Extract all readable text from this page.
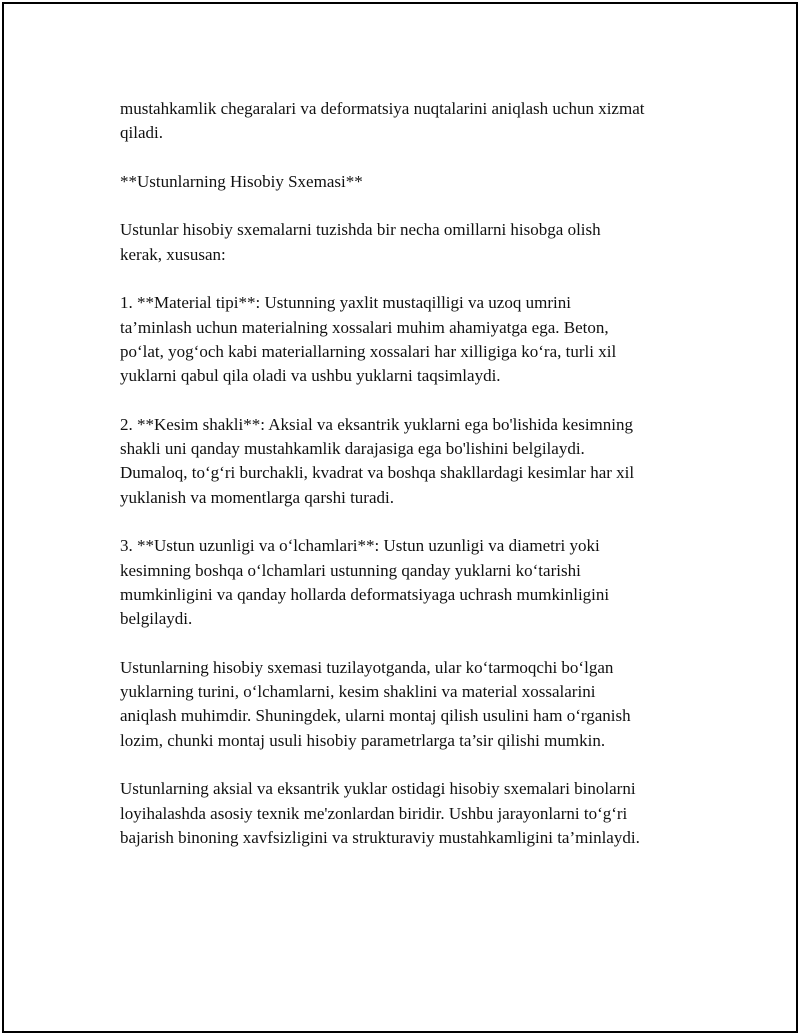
mustahkamlik chegaralari va deformatsiya nuqtalarini aniqlash uchun xizmat
qiladi.

**Ustunlarning Hisobiy Sxemasi**

Ustunlar hisobiy sxemalarni tuzishda bir necha omillarni hisobga olish
kerak, xususan:

1. **Material tipi**: Ustunning yaxlit mustaqilligi va uzoq umrini
ta’minlash uchun materialning xossalari muhim ahamiyatga ega. Beton,
po‘lat, yog‘och kabi materiallarning xossalari har xilligiga ko‘ra, turli xil
yuklarni qabul qila oladi va ushbu yuklarni taqsimlaydi.

2. **Kesim shakli**: Aksial va eksantrik yuklarni ega bo'lishida kesimning
shakli uni qanday mustahkamlik darajasiga ega bo'lishini belgilaydi.
Dumaloq, to‘g‘ri burchakli, kvadrat va boshqa shakllardagi kesimlar har xil
yuklanish va momentlarga qarshi turadi.

3. **Ustun uzunligi va o‘lchamlari**: Ustun uzunligi va diametri yoki
kesimning boshqa o‘lchamlari ustunning qanday yuklarni ko‘tarishi
mumkinligini va qanday hollarda deformatsiyaga uchrash mumkinligini
belgilaydi.

Ustunlarning hisobiy sxemasi tuzilayotganda, ular ko‘tarmoqchi bo‘lgan
yuklarning turini, o‘lchamlarni, kesim shaklini va material xossalarini
aniqlash muhimdir. Shuningdek, ularni montaj qilish usulini ham o‘rganish
lozim, chunki montaj usuli hisobiy parametrlarga ta’sir qilishi mumkin.

Ustunlarning aksial va eksantrik yuklar ostidagi hisobiy sxemalari binolarni
loyihalashda asosiy texnik me'zonlardan biridir. Ushbu jarayonlarni to‘g‘ri
bajarish binoning xavfsizligini va strukturaviy mustahkamligini ta’minlaydi.
